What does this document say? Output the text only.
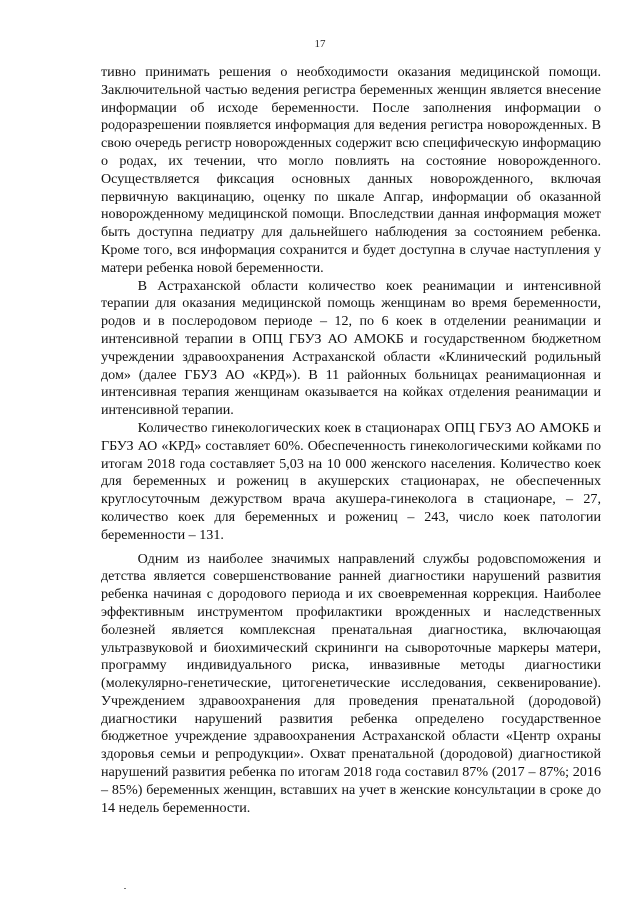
17

тивно принимать решения о необходимости оказания медицинской помощи. Заключительной частью ведения регистра беременных женщин является внесение информации об исходе беременности. После заполнения информации о родоразрешении появляется информация для ведения регистра новорожденных. В свою очередь регистр новорожденных содержит всю специфическую информацию о родах, их течении, что могло повлиять на состояние новорожденного. Осуществляется фиксация основных данных новорожденного, включая первичную вакцинацию, оценку по шкале Апгар, информации об оказанной новорожденному медицинской помощи. Впоследствии данная информация может быть доступна педиатру для дальнейшего наблюдения за состоянием ребенка. Кроме того, вся информация сохранится и будет доступна в случае наступления у матери ребенка новой беременности.

В Астраханской области количество коек реанимации и интенсивной терапии для оказания медицинской помощь женщинам во время беременности, родов и в послеродовом периоде – 12, по 6 коек в отделении реанимации и интенсивной терапии в ОПЦ ГБУЗ АО АМОКБ и государственном бюджетном учреждении здравоохранения Астраханской области «Клинический родильный дом» (далее ГБУЗ АО «КРД»). В 11 районных больницах реанимационная и интенсивная терапия женщинам оказывается на койках отделения реанимации и интенсивной терапии.

Количество гинекологических коек в стационарах ОПЦ ГБУЗ АО АМОКБ и ГБУЗ АО «КРД» составляет 60%. Обеспеченность гинекологическими койками по итогам 2018 года составляет 5,03 на 10 000 женского населения. Количество коек для беременных и рожениц в акушерских стационарах, не обеспеченных круглосуточным дежурством врача акушера-гинеколога в стационаре, – 27, количество коек для беременных и рожениц – 243, число коек патологии беременности – 131.

Одним из наиболее значимых направлений службы родовспоможения и детства является совершенствование ранней диагностики нарушений развития ребенка начиная с дородового периода и их своевременная коррекция. Наиболее эффективным инструментом профилактики врожденных и наследственных болезней является комплексная пренатальная диагностика, включающая ультразвуковой и биохимический скрининги на сывороточные маркеры матери, программу индивидуального риска, инвазивные методы диагностики (молекулярно-генетические, цитогенетические исследования, секвенирование). Учреждением здравоохранения для проведения пренатальной (дородовой) диагностики нарушений развития ребенка определено государственное бюджетное учреждение здравоохранения Астраханской области «Центр охраны здоровья семьи и репродукции». Охват пренатальной (дородовой) диагностикой нарушений развития ребенка по итогам 2018 года составил 87% (2017 – 87%; 2016 – 85%) беременных женщин, вставших на учет в женские консультации в сроке до 14 недель беременности.
